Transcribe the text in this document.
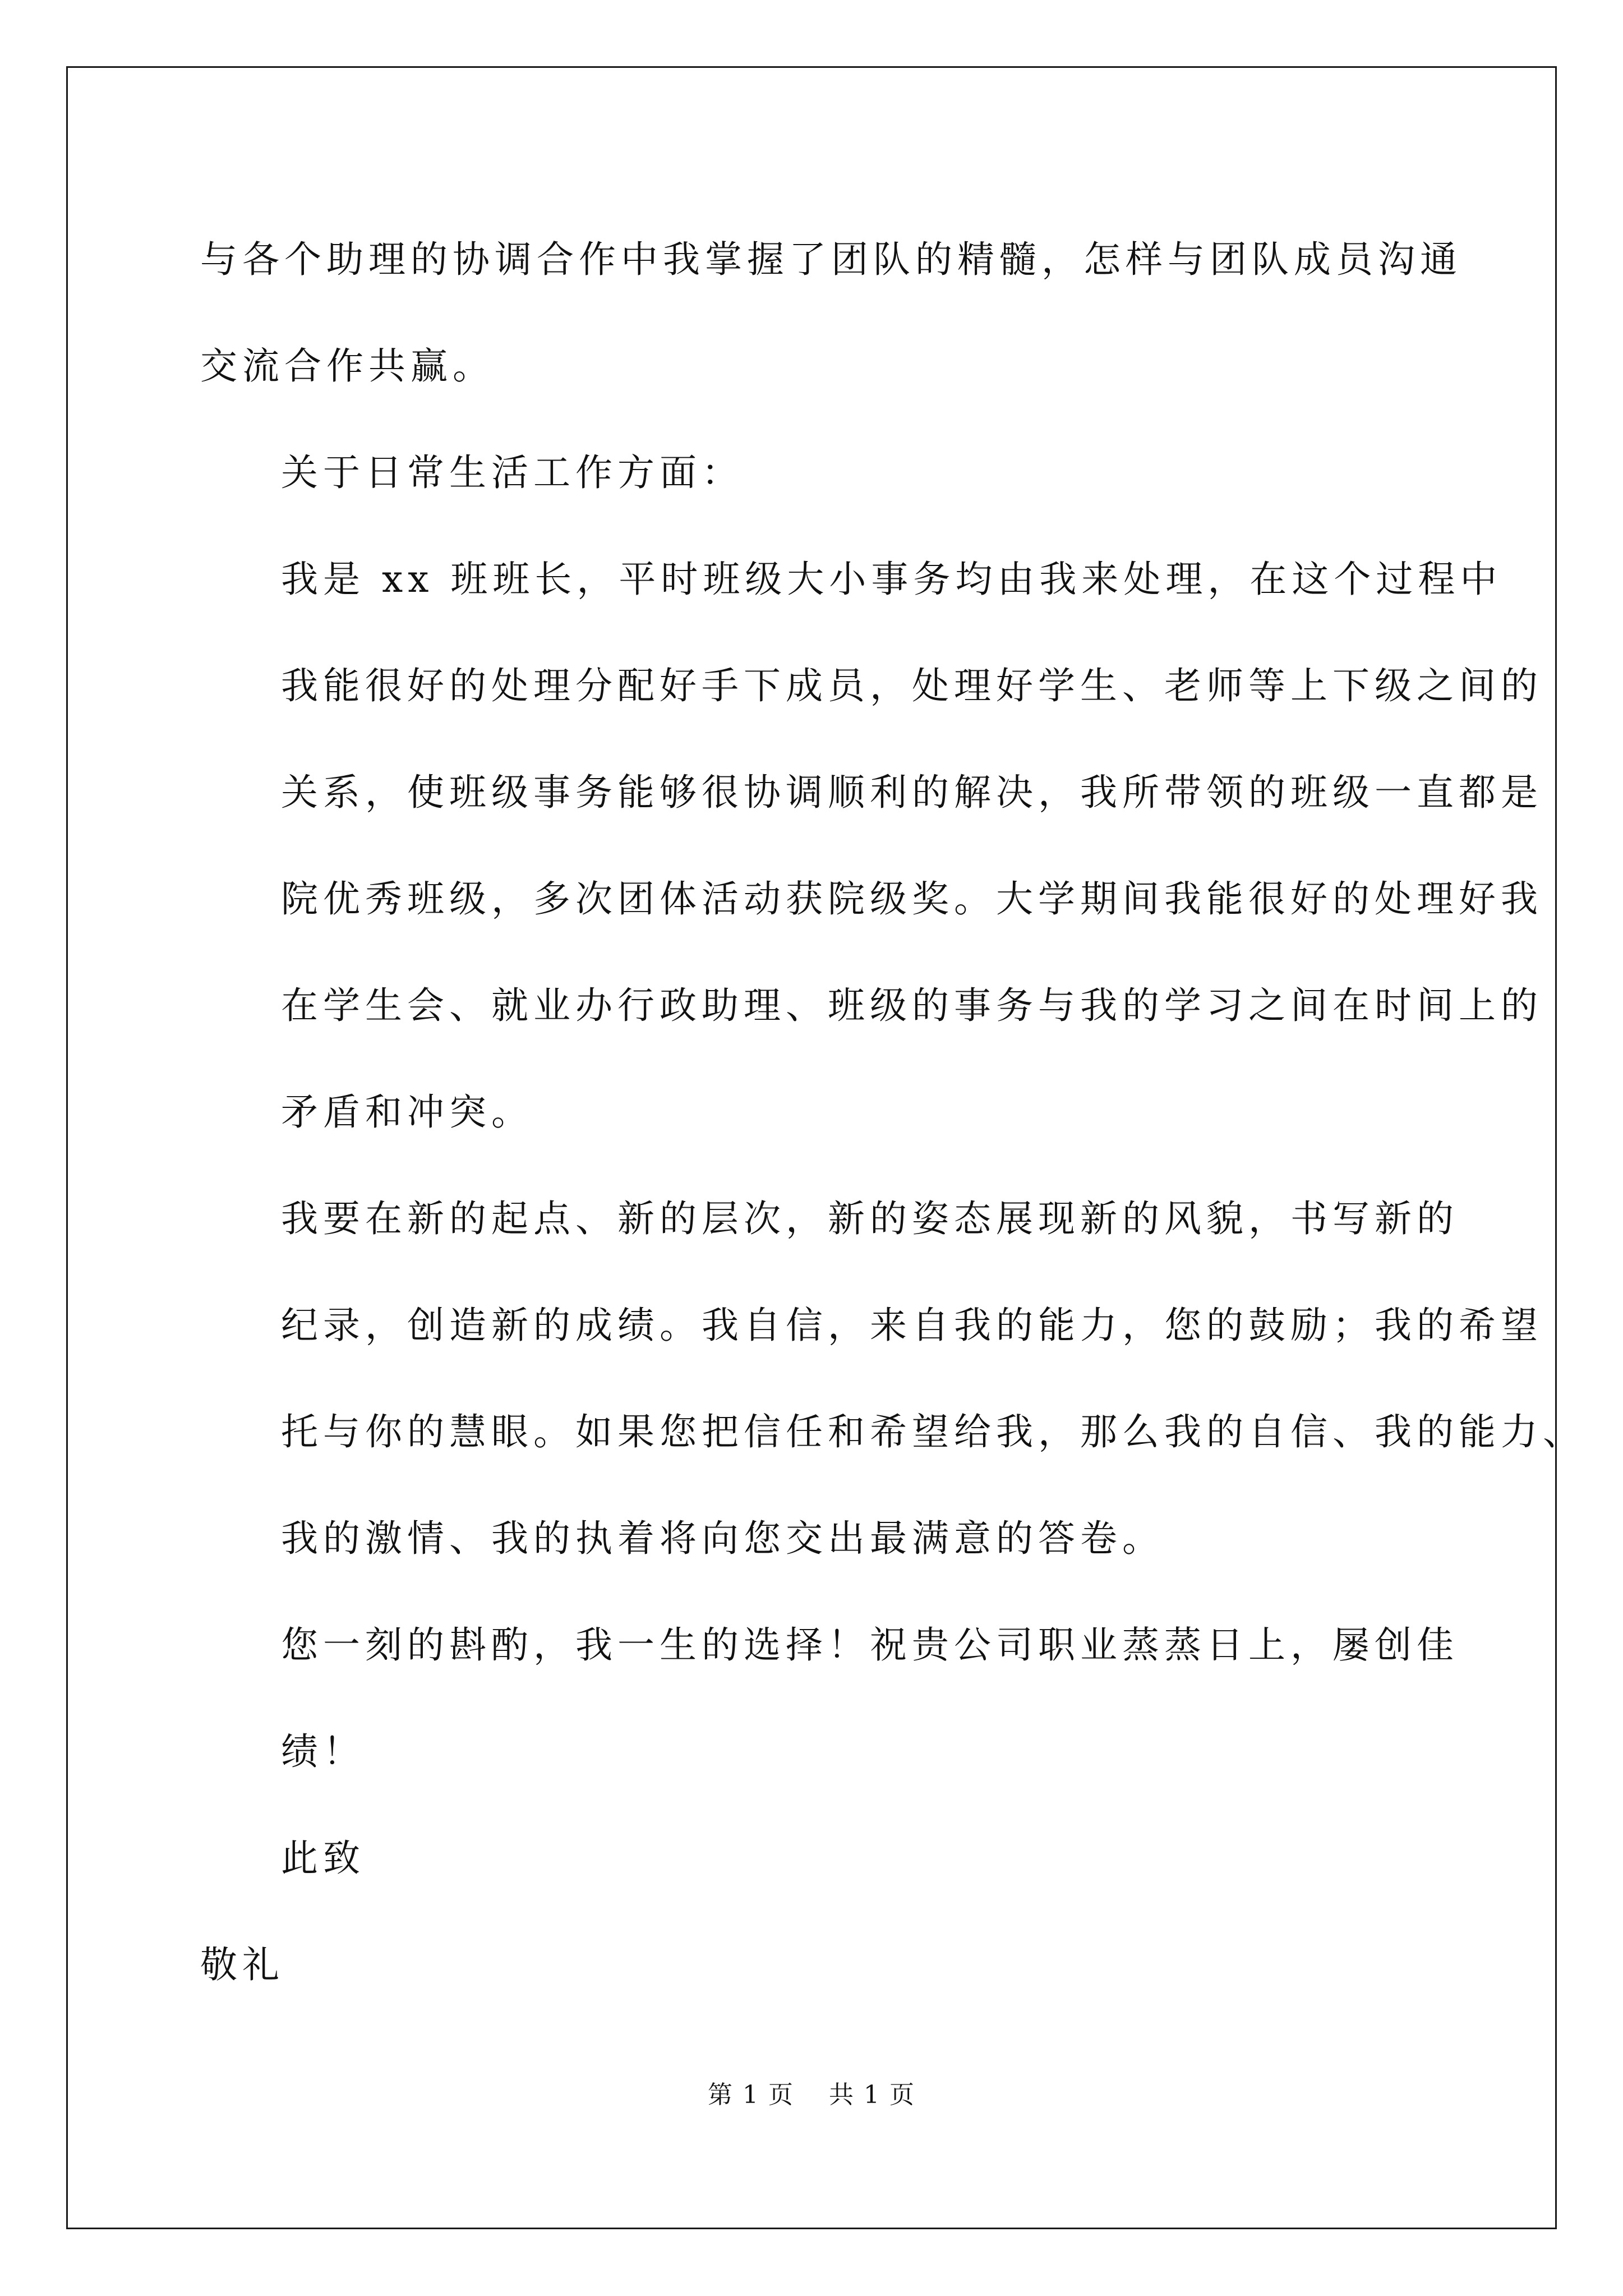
与各个助理的协调合作中我掌握了团队的精髓，怎样与团队成员沟通
交流合作共赢。

关于日常生活工作方面：

我是 xx 班班长，平时班级大小事务均由我来处理，在这个过程中
我能很好的处理分配好手下成员，处理好学生、老师等上下级之间的
关系，使班级事务能够很协调顺利的解决，我所带领的班级一直都是
院优秀班级，多次团体活动获院级奖。大学期间我能很好的处理好我
在学生会、就业办行政助理、班级的事务与我的学习之间在时间上的
矛盾和冲突。

我要在新的起点、新的层次，新的姿态展现新的风貌，书写新的
纪录，创造新的成绩。我自信，来自我的能力，您的鼓励；我的希望
托与你的慧眼。如果您把信任和希望给我，那么我的自信、我的能力、
我的激情、我的执着将向您交出最满意的答卷。

您一刻的斟酌，我一生的选择！祝贵公司职业蒸蒸日上，屡创佳
绩！

此致

敬礼

第 1 页　 共 1 页
